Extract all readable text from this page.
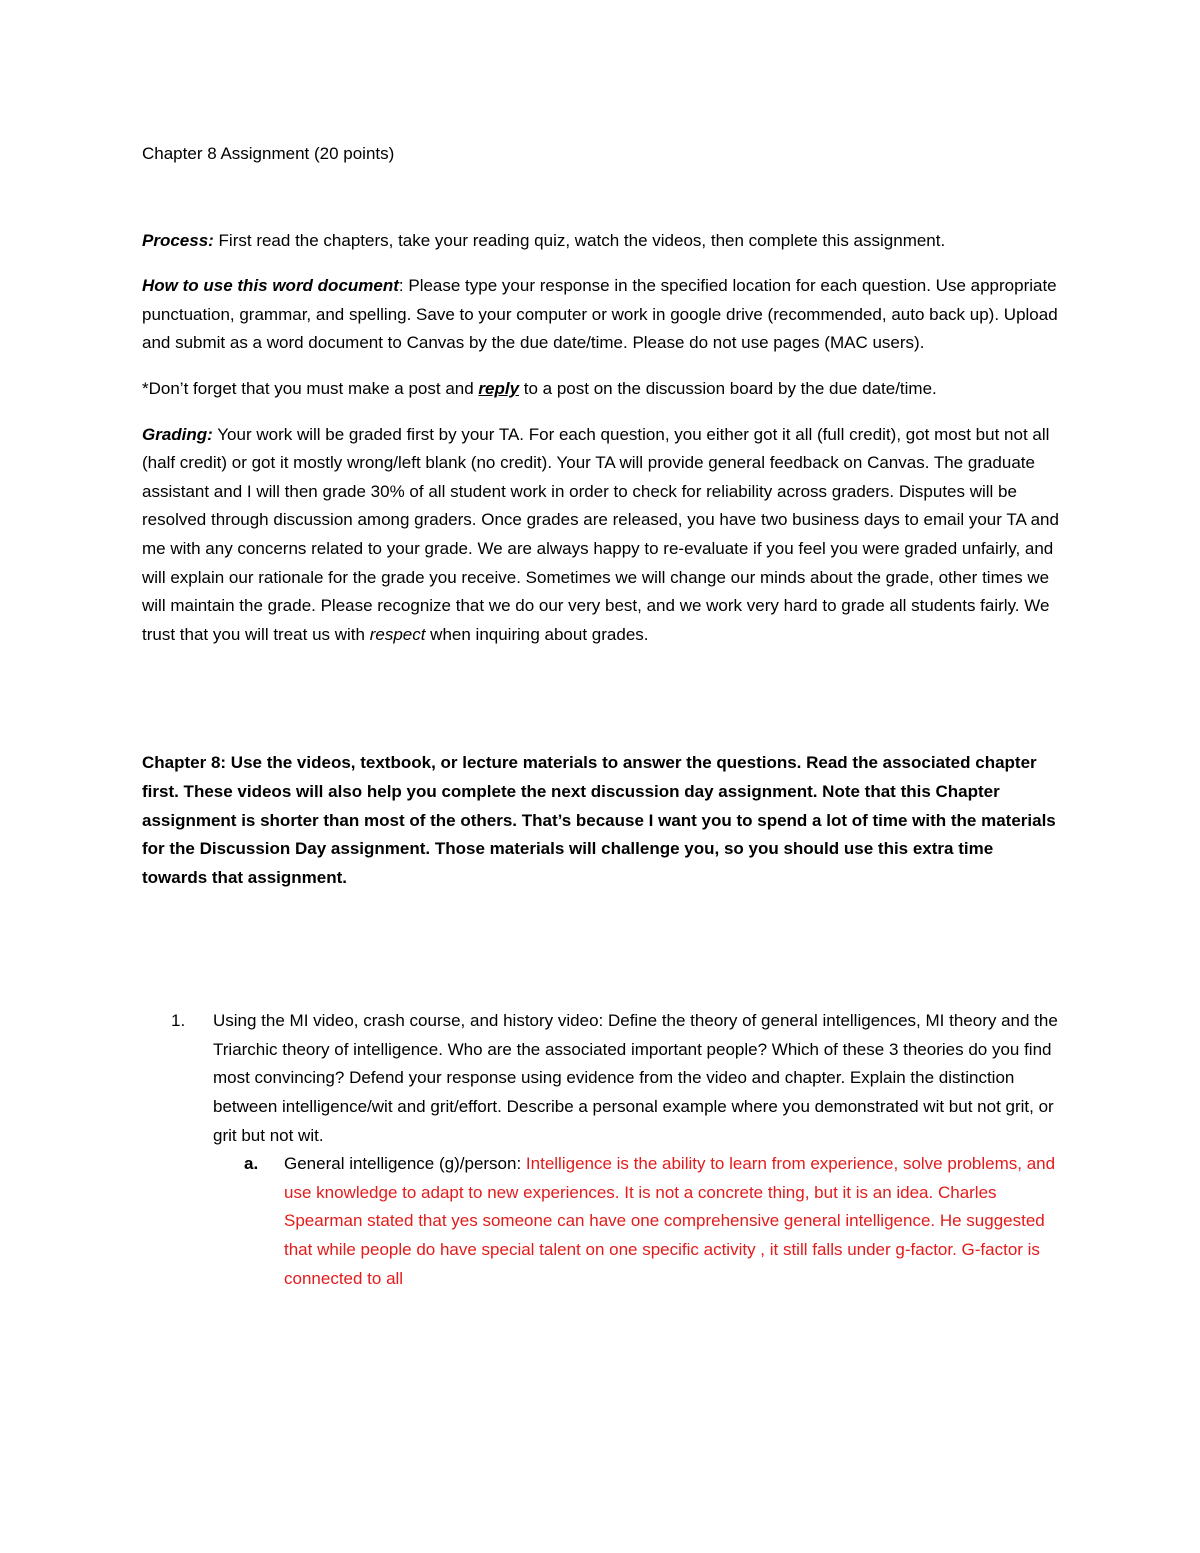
Chapter 8 Assignment (20 points)

Process: First read the chapters, take your reading quiz, watch the videos, then complete this assignment.

How to use this word document: Please type your response in the specified location for each question. Use appropriate punctuation, grammar, and spelling. Save to your computer or work in google drive (recommended, auto back up). Upload and submit as a word document to Canvas by the due date/time. Please do not use pages (MAC users).

*Don’t forget that you must make a post and reply to a post on the discussion board by the due date/time.

Grading: Your work will be graded first by your TA. For each question, you either got it all (full credit), got most but not all (half credit) or got it mostly wrong/left blank (no credit). Your TA will provide general feedback on Canvas. The graduate assistant and I will then grade 30% of all student work in order to check for reliability across graders. Disputes will be resolved through discussion among graders. Once grades are released, you have two business days to email your TA and me with any concerns related to your grade. We are always happy to re-evaluate if you feel you were graded unfairly, and will explain our rationale for the grade you receive. Sometimes we will change our minds about the grade, other times we will maintain the grade. Please recognize that we do our very best, and we work very hard to grade all students fairly. We trust that you will treat us with respect when inquiring about grades.

Chapter 8: Use the videos, textbook, or lecture materials to answer the questions. Read the associated chapter first. These videos will also help you complete the next discussion day assignment. Note that this Chapter assignment is shorter than most of the others. That’s because I want you to spend a lot of time with the materials for the Discussion Day assignment. Those materials will challenge you, so you should use this extra time towards that assignment.

1. Using the MI video, crash course, and history video: Define the theory of general intelligences, MI theory and the Triarchic theory of intelligence. Who are the associated important people? Which of these 3 theories do you find most convincing? Defend your response using evidence from the video and chapter. Explain the distinction between intelligence/wit and grit/effort. Describe a personal example where you demonstrated wit but not grit, or grit but not wit.

a. General intelligence (g)/person: Intelligence is the ability to learn from experience, solve problems, and use knowledge to adapt to new experiences. It is not a concrete thing, but it is an idea. Charles Spearman stated that yes someone can have one comprehensive general intelligence. He suggested that while people do have special talent on one specific activity , it still falls under g-factor. G-factor is connected to all
